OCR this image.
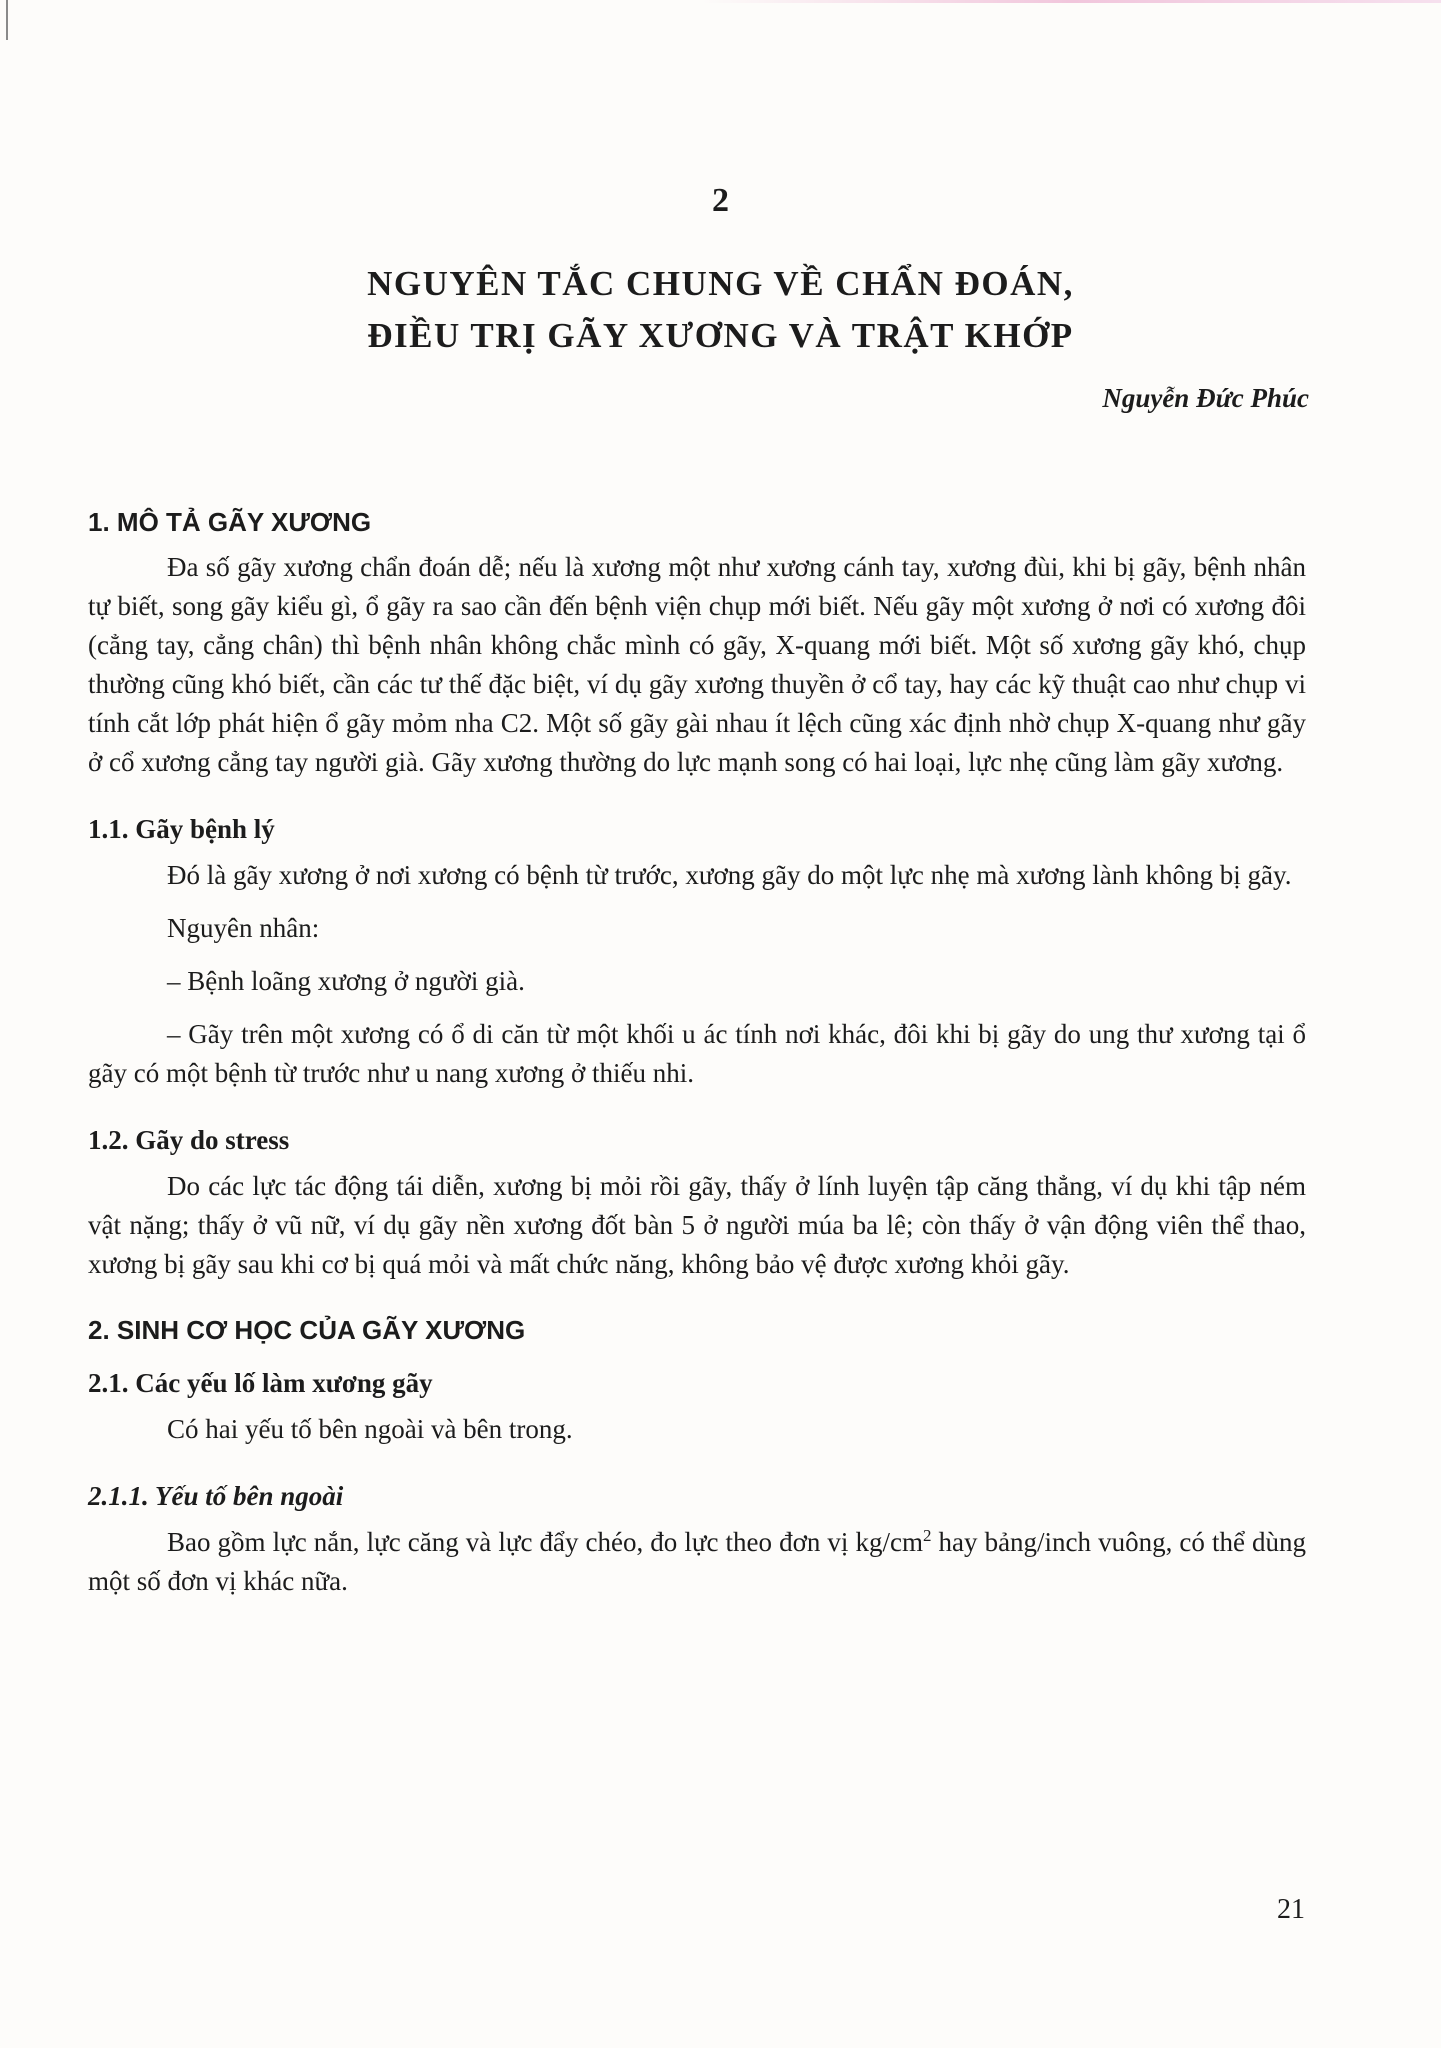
2
NGUYÊN TẮC CHUNG VỀ CHẨN ĐOÁN,
ĐIỀU TRỊ GÃY XƯƠNG VÀ TRẬT KHỚP
Nguyễn Đức Phúc
1. MÔ TẢ GÃY XƯƠNG

Đa số gãy xương chẩn đoán dễ; nếu là xương một như xương cánh tay, xương đùi, khi bị gãy, bệnh nhân tự biết, song gãy kiểu gì, ổ gãy ra sao cần đến bệnh viện chụp mới biết. Nếu gãy một xương ở nơi có xương đôi (cẳng tay, cẳng chân) thì bệnh nhân không chắc mình có gãy, X-quang mới biết. Một số xương gãy khó, chụp thường cũng khó biết, cần các tư thế đặc biệt, ví dụ gãy xương thuyền ở cổ tay, hay các kỹ thuật cao như chụp vi tính cắt lớp phát hiện ổ gãy mỏm nha C2. Một số gãy gài nhau ít lệch cũng xác định nhờ chụp X-quang như gãy ở cổ xương cẳng tay người già. Gãy xương thường do lực mạnh song có hai loại, lực nhẹ cũng làm gãy xương.

1.1. Gãy bệnh lý

Đó là gãy xương ở nơi xương có bệnh từ trước, xương gãy do một lực nhẹ mà xương lành không bị gãy.

Nguyên nhân:

– Bệnh loãng xương ở người già.

– Gãy trên một xương có ổ di căn từ một khối u ác tính nơi khác, đôi khi bị gãy do ung thư xương tại ổ gãy có một bệnh từ trước như u nang xương ở thiếu nhi.

1.2. Gãy do stress

Do các lực tác động tái diễn, xương bị mỏi rồi gãy, thấy ở lính luyện tập căng thẳng, ví dụ khi tập ném vật nặng; thấy ở vũ nữ, ví dụ gãy nền xương đốt bàn 5 ở người múa ba lê; còn thấy ở vận động viên thể thao, xương bị gãy sau khi cơ bị quá mỏi và mất chức năng, không bảo vệ được xương khỏi gãy.

2. SINH CƠ HỌC CỦA GÃY XƯƠNG
2.1. Các yếu lố làm xương gãy

Có hai yếu tố bên ngoài và bên trong.

2.1.1. Yếu tố bên ngoài

Bao gồm lực nắn, lực căng và lực đẩy chéo, đo lực theo đơn vị $kg/cm^2$ hay bảng/inch vuông, có thể dùng một số đơn vị khác nữa.

21
